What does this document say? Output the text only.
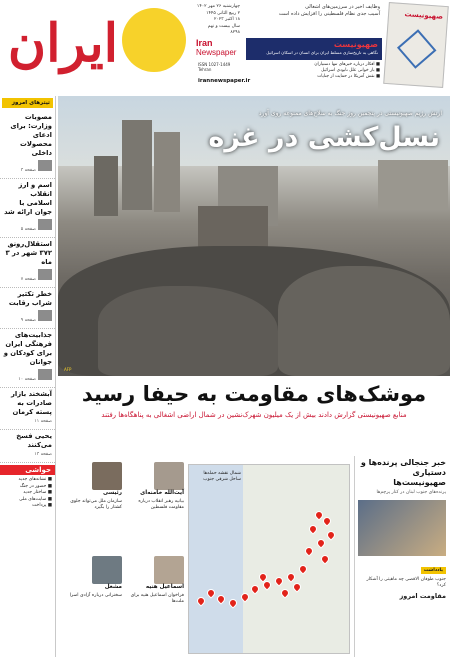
ایران
چهارشنبه ۲۶ مهر ۱۴۰۲
۲ ربیع الثانی ۱۴۴۵
۱۸ اکتبر ۲۰۲۳
سال بیست و نهم
۸۲۹۸
Iran
Newspaper
ISSN 1027-1449 Tehran
irannewspaper.ir
وظایف اخیر در سرزمین‌های اشغالی
آسیب جدی نظام فلسطینی را افزایش داده است
صهیونیست
نگاهی به تاریخ‌سازی مسلط ایران برای انسان در اسکان اسرائیل
■ افکار درباره خبرهای تنها دستیاران
■ باز خوانی علل نابودی اسرائیل
■ نقش آمریکا در حمایت از جنایات
صهیونیست
تیترهای امروز
مصوبات وزارت: برای ادعای محصولات داخلی
صفحه ۳
اسم و ارز انقلاب اسلامی با جوان ارائه شد
صفحه ۵
استقلال‌رونق ۳۷۲ شهر در ۳ ماه
صفحه ۷
خطر تکثیر شراب رقابت
صفحه ۹
جذابیت‌های فرهنگی ایران برای کودکان و جوانان
صفحه ۱۰
آبشخند بازار صادرات به پسته کرمان
صفحه ۱۱
یحیی فسخ می‌کنند
صفحه ۱۳
حواشی
■ نشانه‌های جدید
■ حضور در جنگ
■ ساختار جدید
■ سایت‌های ملی
■ پرداخت
ارتش رژیم صهیونیستی در پنجمین روز جنگ به سلاح‌های ممنوعه روی آورد
نسل‌کشی در غزه
AFP
موشک‌های مقاومت به حیفا رسید
منابع صهیونیستی گزارش دادند بیش از یک میلیون شهرک‌نشین در شمال اراضی اشغالی به پناهگاه‌ها رفتند
خبر جنجالی پرنده‌ها و دستیاری صهیونیست‌ها
پرنده‌های جنوب لبنان در کنار پرچم‌ها
یادداشت
جنوب طوفان الاقصی چه ماهیتی را آشکار کرد؟
مقاومت امروز
شمال نقشه حمله‌ها ساحل شرقی جنوب
آیت‌الله خامنه‌ای
بیانیه رهبر انقلاب درباره مقاومت فلسطین
رئیسی
سازمان ملل می‌تواند جلوی کشتار را بگیرد
اسماعیل هنیه
فراخوان اسماعیل هنیه برای ملت‌ها
مشعل
سخنرانی درباره آزادی اسرا
